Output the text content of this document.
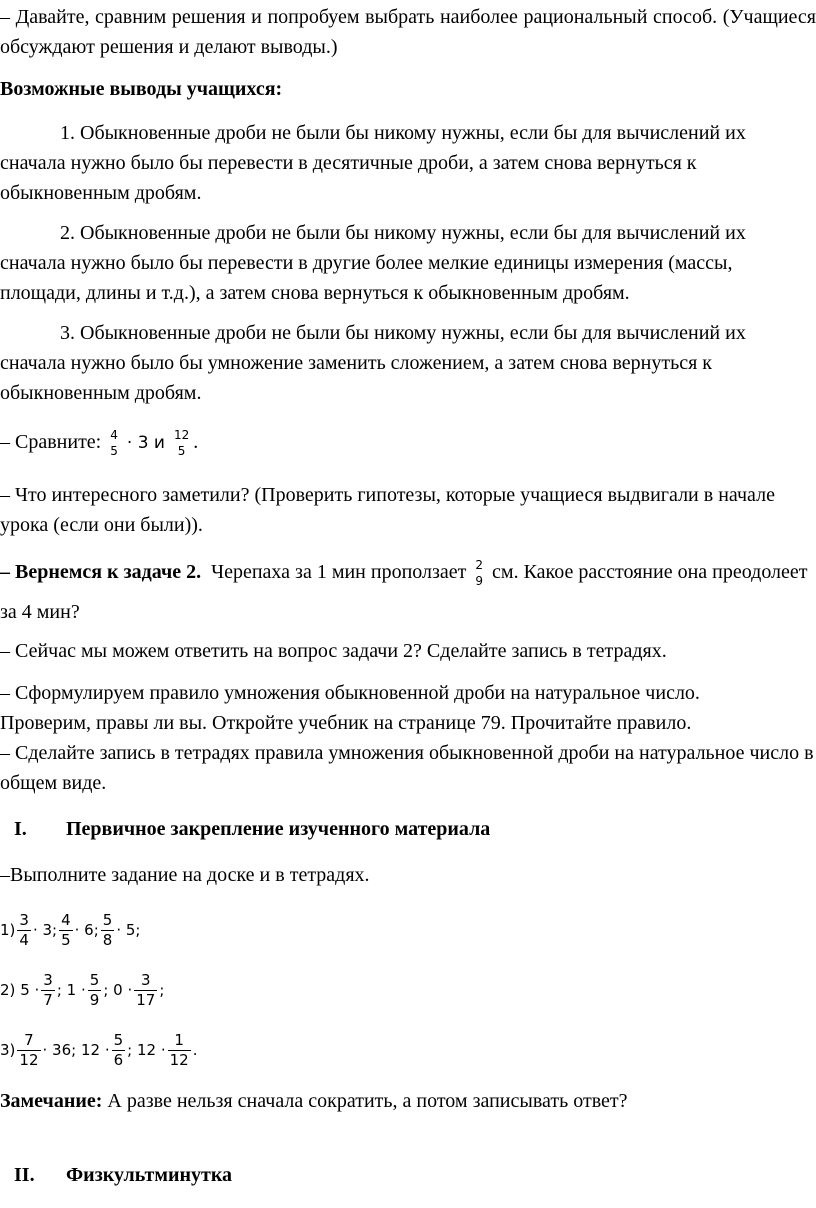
– Давайте, сравним решения и попробуем выбрать наиболее рациональный способ. (Учащиеся обсуждают решения и делают выводы.)

Возможные выводы учащихся:

1. Обыкновенные дроби не были бы никому нужны, если бы для вычислений их сначала нужно было бы перевести в десятичные дроби, а затем снова вернуться к обыкновенным дробям.

2. Обыкновенные дроби не были бы никому нужны, если бы для вычислений их сначала нужно было бы перевести в другие более мелкие единицы измерения (массы, площади, длины и т.д.), а затем снова вернуться к обыкновенным дробям.

3. Обыкновенные дроби не были бы никому нужны, если бы для вычислений их сначала нужно было бы умножение заменить сложением, а затем снова вернуться к обыкновенным дробям.

– Сравните: 4
5 · 3 и 12
5 .

– Что интересного заметили? (Проверить гипотезы, которые учащиеся выдвигали в начале урока (если они были)).

– Вернемся к задаче 2. Черепаха за 1 мин проползает 2
9 см. Какое расстояние она преодолеет за 4 мин?

– Сейчас мы можем ответить на вопрос задачи 2? Сделайте запись в тетрадях.

– Сформулируем правило умножения обыкновенной дроби на натуральное число.

Проверим, правы ли вы. Откройте учебник на странице 79. Прочитайте правило.

– Сделайте запись в тетрадях правила умножения обыкновенной дроби на натуральное число в общем виде.

I. Первичное закрепление изученного материала

–Выполните задание на доске и в тетрадях.

$1) \frac{3}{4} \cdot 3$; $\frac{4}{5} \cdot 6$; $\frac{5}{8} \cdot 5$;
2) $5 \cdot \frac{3}{7}$ ; $1 \cdot \frac{5}{9}$ ; $0 \cdot \frac{3}{17}$ ;
$3) \frac{7}{12} \cdot 36$; $12 \cdot \frac{5}{6}$ ; $12 \cdot \frac{1}{12}$ .
Замечание: А разве нельзя сначала сократить, а потом записывать ответ?
II. Физкультминутка
